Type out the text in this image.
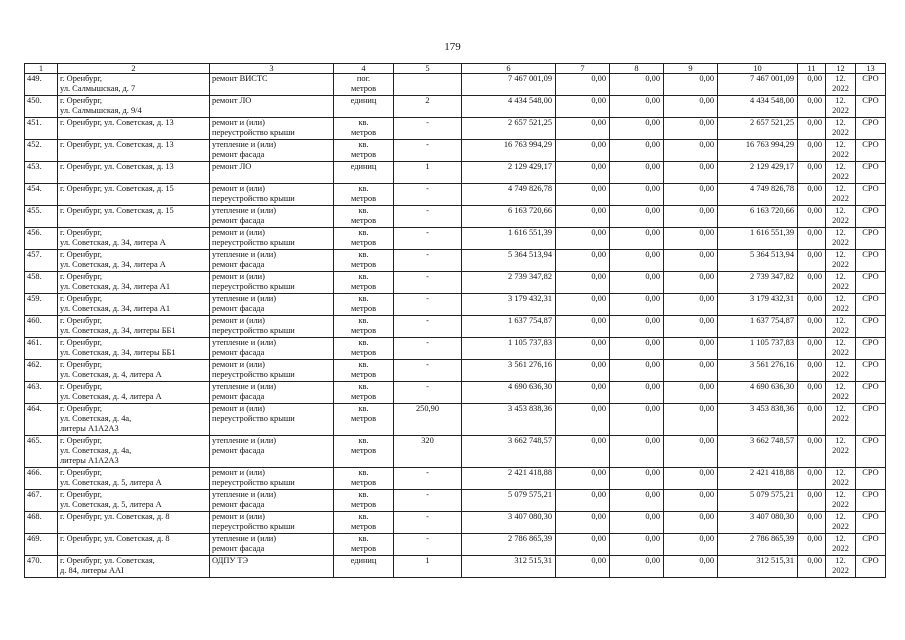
179
1	2	3	4	5	6	7	8	9	10	11	12	13
449.	г. Оренбург,
ул. Салмышская, д. 7	ремонт ВИСТС	пог.
метров		7 467 001,09	0,00	0,00	0,00	7 467 001,09	0,00	12.
2022	СРО
450.	г. Оренбург,
ул. Салмышская, д. 9/4	ремонт ЛО	единиц	2	4 434 548,00	0,00	0,00	0,00	4 434 548,00	0,00	12.
2022	СРО
451.	г. Оренбург, ул. Советская, д. 13	ремонт и (или)
переустройство крыши	кв.
метров	-	2 657 521,25	0,00	0,00	0,00	2 657 521,25	0,00	12.
2022	СРО
452.	г. Оренбург, ул. Советская, д. 13	утепление и (или)
ремонт фасада	кв.
метров	-	16 763 994,29	0,00	0,00	0,00	16 763 994,29	0,00	12.
2022	СРО
453.	г. Оренбург, ул. Советская, д. 13	ремонт ЛО	единиц	1	2 129 429,17	0,00	0,00	0,00	2 129 429,17	0,00	12.
2022	СРО
454.	г. Оренбург, ул. Советская, д. 15	ремонт и (или)
переустройство крыши	кв.
метров	-	4 749 826,78	0,00	0,00	0,00	4 749 826,78	0,00	12.
2022	СРО
455.	г. Оренбург, ул. Советская, д. 15	утепление и (или)
ремонт фасада	кв.
метров	-	6 163 720,66	0,00	0,00	0,00	6 163 720,66	0,00	12.
2022	СРО
456.	г. Оренбург,
ул. Советская, д. 34, литера А	ремонт и (или)
переустройство крыши	кв.
метров	-	1 616 551,39	0,00	0,00	0,00	1 616 551,39	0,00	12.
2022	СРО
457.	г. Оренбург,
ул. Советская, д. 34, литера А	утепление и (или)
ремонт фасада	кв.
метров	-	5 364 513,94	0,00	0,00	0,00	5 364 513,94	0,00	12.
2022	СРО
458.	г. Оренбург,
ул. Советская, д. 34, литера А1	ремонт и (или)
переустройство крыши	кв.
метров	-	2 739 347,82	0,00	0,00	0,00	2 739 347,82	0,00	12.
2022	СРО
459.	г. Оренбург,
ул. Советская, д. 34, литера А1	утепление и (или)
ремонт фасада	кв.
метров	-	3 179 432,31	0,00	0,00	0,00	3 179 432,31	0,00	12.
2022	СРО
460.	г. Оренбург,
ул. Советская, д. 34, литеры ББ1	ремонт и (или)
переустройство крыши	кв.
метров	-	1 637 754,87	0,00	0,00	0,00	1 637 754,87	0,00	12.
2022	СРО
461.	г. Оренбург,
ул. Советская, д. 34, литеры ББ1	утепление и (или)
ремонт фасада	кв.
метров	-	1 105 737,83	0,00	0,00	0,00	1 105 737,83	0,00	12.
2022	СРО
462.	г. Оренбург,
ул. Советская, д. 4, литера А	ремонт и (или)
переустройство крыши	кв.
метров	-	3 561 276,16	0,00	0,00	0,00	3 561 276,16	0,00	12.
2022	СРО
463.	г. Оренбург,
ул. Советская, д. 4, литера А	утепление и (или)
ремонт фасада	кв.
метров	-	4 690 636,30	0,00	0,00	0,00	4 690 636,30	0,00	12.
2022	СРО
464.	г. Оренбург,
ул. Советская, д. 4а,
литеры А1А2А3	ремонт и (или)
переустройство крыши	кв.
метров	250,90	3 453 838,36	0,00	0,00	0,00	3 453 838,36	0,00	12.
2022	СРО
465.	г. Оренбург,
ул. Советская, д. 4а,
литеры А1А2А3	утепление и (или)
ремонт фасада	кв.
метров	320	3 662 748,57	0,00	0,00	0,00	3 662 748,57	0,00	12.
2022	СРО
466.	г. Оренбург,
ул. Советская, д. 5, литера А	ремонт и (или)
переустройство крыши	кв.
метров	-	2 421 418,88	0,00	0,00	0,00	2 421 418,88	0,00	12.
2022	СРО
467.	г. Оренбург,
ул. Советская, д. 5, литера А	утепление и (или)
ремонт фасада	кв.
метров	-	5 079 575,21	0,00	0,00	0,00	5 079 575,21	0,00	12.
2022	СРО
468.	г. Оренбург, ул. Советская, д. 8	ремонт и (или)
переустройство крыши	кв.
метров	-	3 407 080,30	0,00	0,00	0,00	3 407 080,30	0,00	12.
2022	СРО
469.	г. Оренбург, ул. Советская, д. 8	утепление и (или)
ремонт фасада	кв.
метров	-	2 786 865,39	0,00	0,00	0,00	2 786 865,39	0,00	12.
2022	СРО
470.	г. Оренбург, ул. Советская,
д. 84, литеры ААI	ОДПУ ТЭ	единиц	1	312 515,31	0,00	0,00	0,00	312 515,31	0,00	12.
2022	СРО
